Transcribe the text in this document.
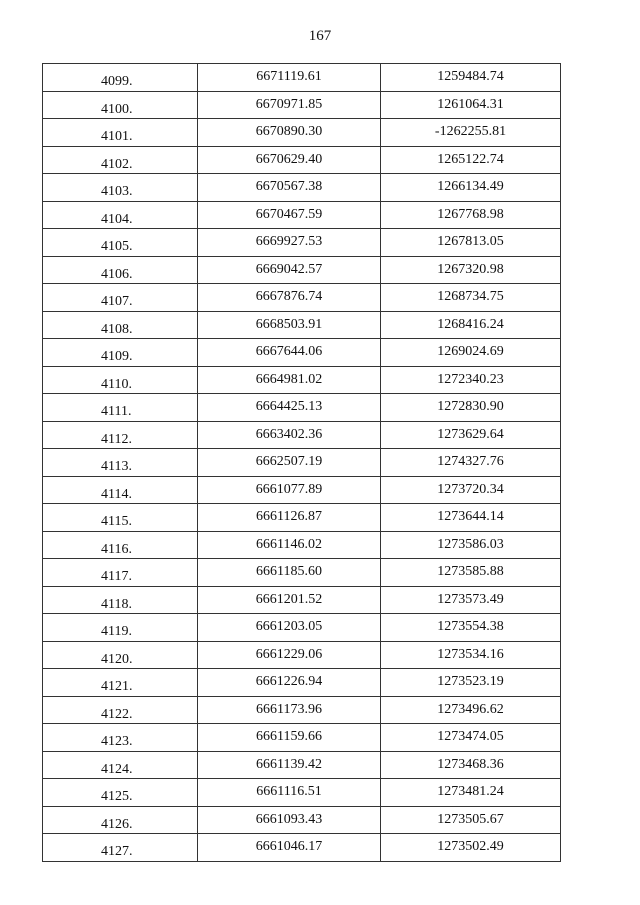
167
4099.	6671119.61	1259484.74

4100.	6670971.85	1261064.31

4101.	6670890.30	-1262255.81

4102.	6670629.40	1265122.74

4103.	6670567.38	1266134.49

4104.	6670467.59	1267768.98

4105.	6669927.53	1267813.05

4106.	6669042.57	1267320.98

4107.	6667876.74	1268734.75

4108.	6668503.91	1268416.24

4109.	6667644.06	1269024.69

4110.	6664981.02	1272340.23

4111.	6664425.13	1272830.90

4112.	6663402.36	1273629.64

4113.	6662507.19	1274327.76

4114.	6661077.89	1273720.34

4115.	6661126.87	1273644.14

4116.	6661146.02	1273586.03

4117.	6661185.60	1273585.88

4118.	6661201.52	1273573.49

4119.	6661203.05	1273554.38

4120.	6661229.06	1273534.16

4121.	6661226.94	1273523.19

4122.	6661173.96	1273496.62

4123.	6661159.66	1273474.05

4124.	6661139.42	1273468.36

4125.	6661116.51	1273481.24

4126.	6661093.43	1273505.67

4127.	6661046.17	1273502.49
